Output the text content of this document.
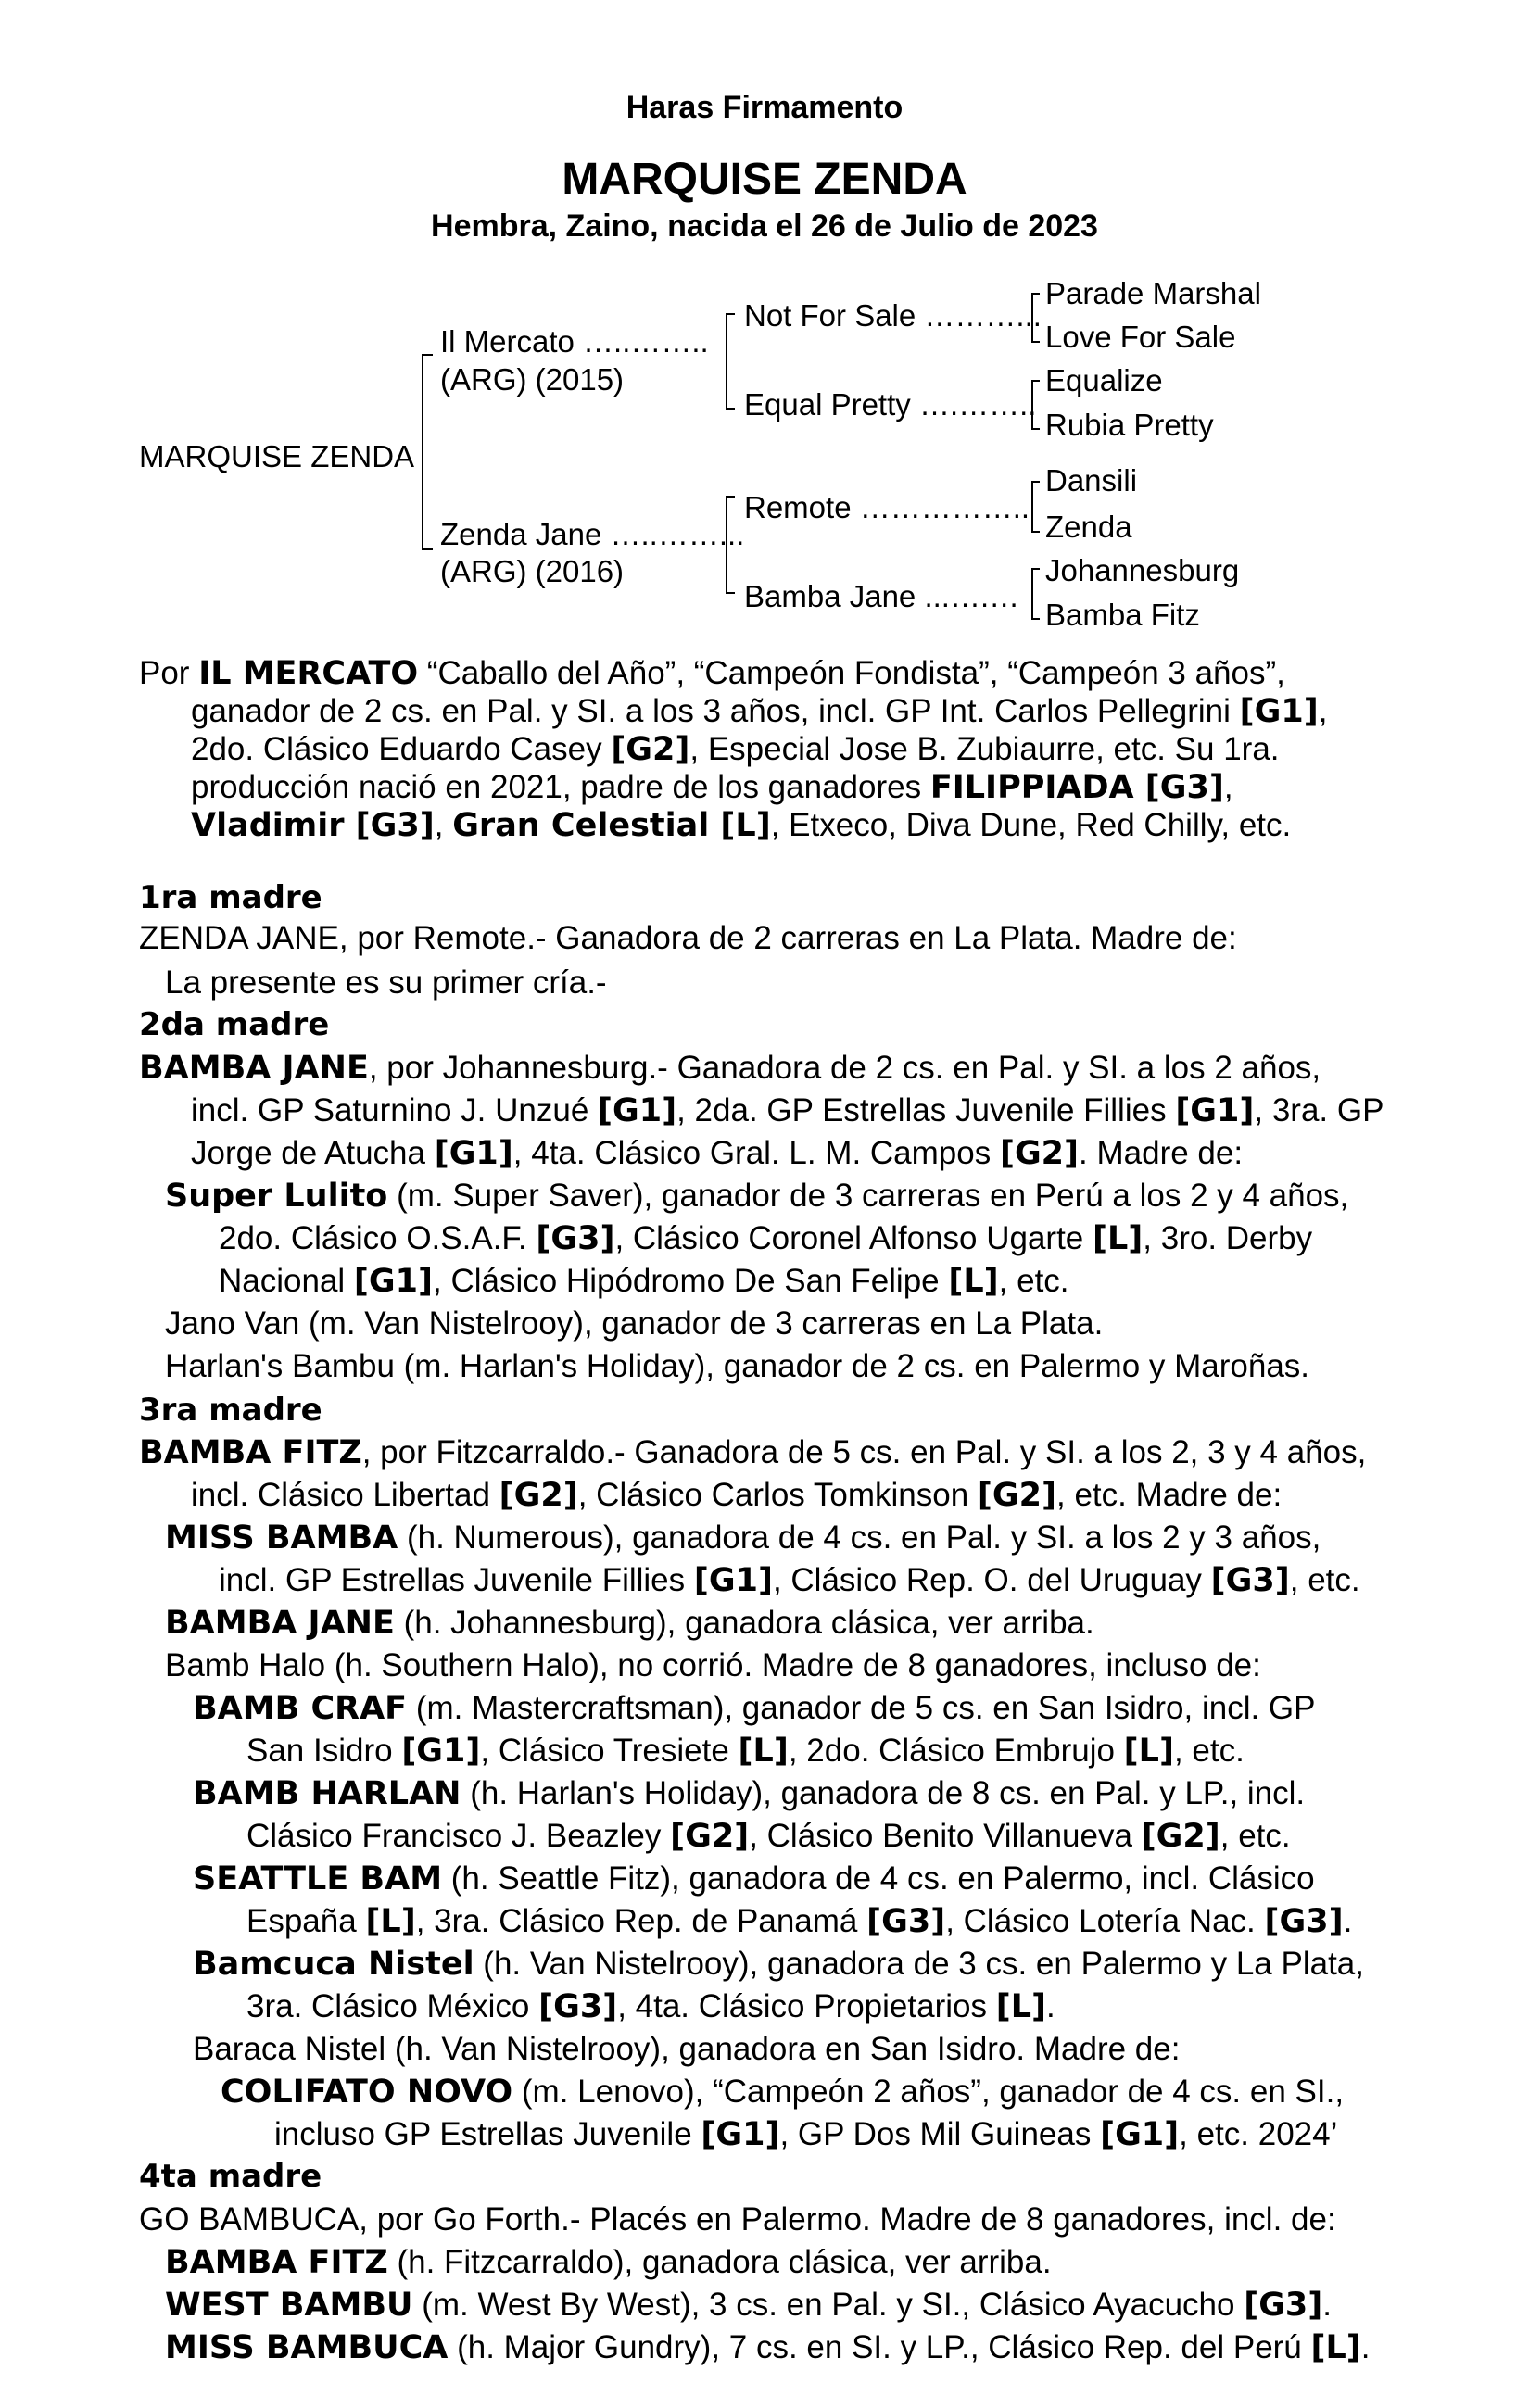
Haras Firmamento
MARQUISE ZENDA
Hembra, Zaino, nacida el 26 de Julio de 2023
MARQUISE ZENDA
Il Mercato …..……..
(ARG) (2015)
Zenda Jane …..……...
(ARG) (2016)
Not For Sale ………...
Equal Pretty ….……..
Remote ……………..
Bamba Jane ...….…
Parade Marshal
Love For Sale
Equalize
Rubia Pretty
Dansili
Zenda
Johannesburg
Bamba Fitz
Por IL MERCATO “Caballo del Año”, “Campeón Fondista”, “Campeón 3 años”,
ganador de 2 cs. en Pal. y SI. a los 3 años, incl. GP Int. Carlos Pellegrini [G1],
2do. Clásico Eduardo Casey [G2], Especial Jose B. Zubiaurre, etc. Su 1ra.
producción nació en 2021, padre de los ganadores FILIPPIADA [G3],
Vladimir [G3], Gran Celestial [L], Etxeco, Diva Dune, Red Chilly, etc.
1ra madre
ZENDA JANE, por Remote.- Ganadora de 2 carreras en La Plata. Madre de:
La presente es su primer cría.-
2da madre
BAMBA JANE, por Johannesburg.- Ganadora de 2 cs. en Pal. y SI. a los 2 años,
incl. GP Saturnino J. Unzué [G1], 2da. GP Estrellas Juvenile Fillies [G1], 3ra. GP
Jorge de Atucha [G1], 4ta. Clásico Gral. L. M. Campos [G2]. Madre de:
Super Lulito (m. Super Saver), ganador de 3 carreras en Perú a los 2 y 4 años,
2do. Clásico O.S.A.F. [G3], Clásico Coronel Alfonso Ugarte [L], 3ro. Derby
Nacional [G1], Clásico Hipódromo De San Felipe [L], etc.
Jano Van (m. Van Nistelrooy), ganador de 3 carreras en La Plata.
Harlan's Bambu (m. Harlan's Holiday), ganador de 2 cs. en Palermo y Maroñas.
3ra madre
BAMBA FITZ, por Fitzcarraldo.- Ganadora de 5 cs. en Pal. y SI. a los 2, 3 y 4 años,
incl. Clásico Libertad [G2], Clásico Carlos Tomkinson [G2], etc. Madre de:
MISS BAMBA (h. Numerous), ganadora de 4 cs. en Pal. y SI. a los 2 y 3 años,
incl. GP Estrellas Juvenile Fillies [G1], Clásico Rep. O. del Uruguay [G3], etc.
BAMBA JANE (h. Johannesburg), ganadora clásica, ver arriba.
Bamb Halo (h. Southern Halo), no corrió. Madre de 8 ganadores, incluso de:
BAMB CRAF (m. Mastercraftsman), ganador de 5 cs. en San Isidro, incl. GP
San Isidro [G1], Clásico Tresiete [L], 2do. Clásico Embrujo [L], etc.
BAMB HARLAN (h. Harlan's Holiday), ganadora de 8 cs. en Pal. y LP., incl.
Clásico Francisco J. Beazley [G2], Clásico Benito Villanueva [G2], etc.
SEATTLE BAM (h. Seattle Fitz), ganadora de 4 cs. en Palermo, incl. Clásico
España [L], 3ra. Clásico Rep. de Panamá [G3], Clásico Lotería Nac. [G3].
Bamcuca Nistel (h. Van Nistelrooy), ganadora de 3 cs. en Palermo y La Plata,
3ra. Clásico México [G3], 4ta. Clásico Propietarios [L].
Baraca Nistel (h. Van Nistelrooy), ganadora en San Isidro. Madre de:
COLIFATO NOVO (m. Lenovo), “Campeón 2 años”, ganador de 4 cs. en SI.,
incluso GP Estrellas Juvenile [G1], GP Dos Mil Guineas [G1], etc. 2024’
4ta madre
GO BAMBUCA, por Go Forth.- Placés en Palermo. Madre de 8 ganadores, incl. de:
BAMBA FITZ (h. Fitzcarraldo), ganadora clásica, ver arriba.
WEST BAMBU (m. West By West), 3 cs. en Pal. y SI., Clásico Ayacucho [G3].
MISS BAMBUCA (h. Major Gundry), 7 cs. en SI. y LP., Clásico Rep. del Perú [L].
